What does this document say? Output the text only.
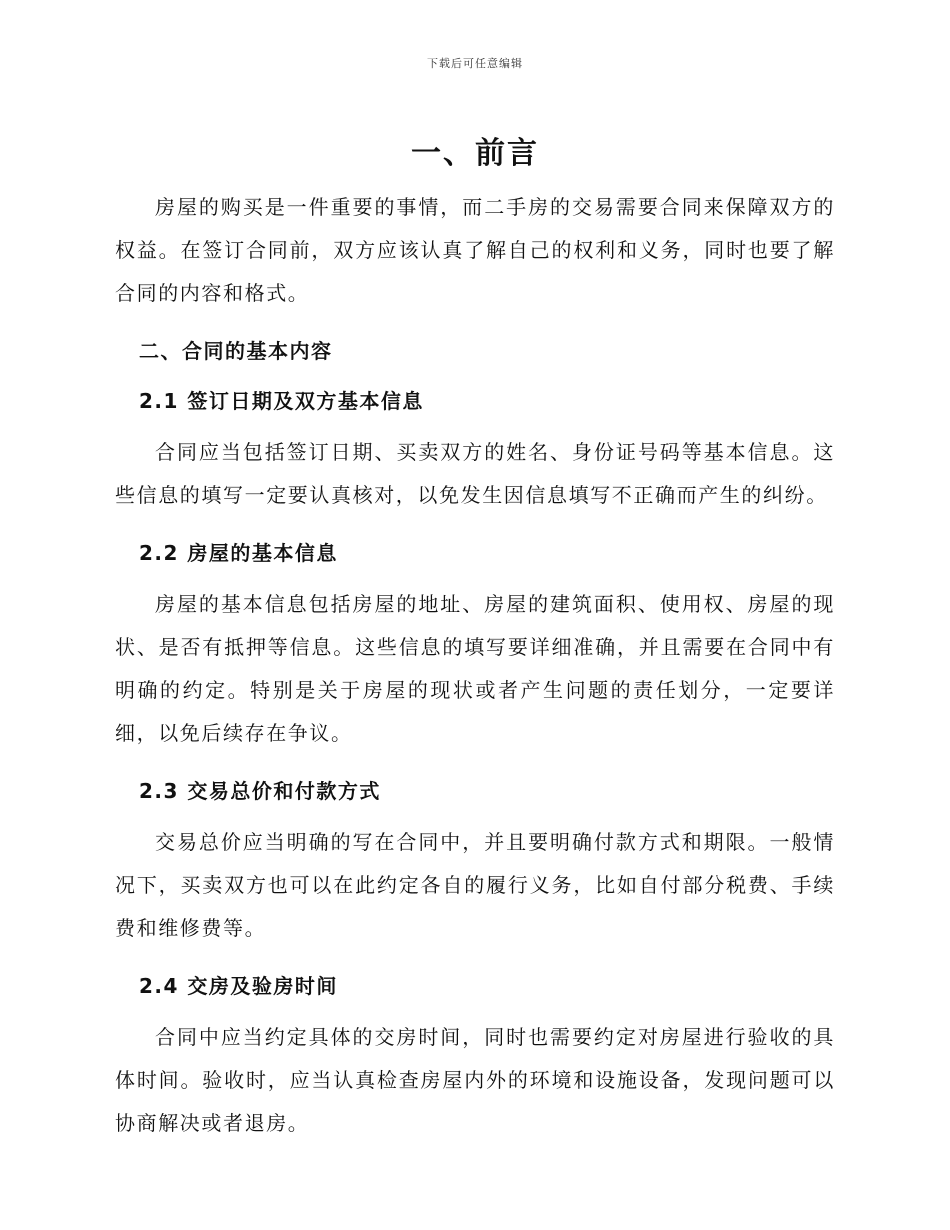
下载后可任意编辑
一、前言

房屋的购买是一件重要的事情，而二手房的交易需要合同来保障双方的权益。在签订合同前，双方应该认真了解自己的权利和义务，同时也要了解合同的内容和格式。

二、合同的基本内容
2.1 签订日期及双方基本信息

合同应当包括签订日期、买卖双方的姓名、身份证号码等基本信息。这些信息的填写一定要认真核对，以免发生因信息填写不正确而产生的纠纷。

2.2 房屋的基本信息

房屋的基本信息包括房屋的地址、房屋的建筑面积、使用权、房屋的现状、是否有抵押等信息。这些信息的填写要详细准确，并且需要在合同中有明确的约定。特别是关于房屋的现状或者产生问题的责任划分，一定要详细，以免后续存在争议。

2.3 交易总价和付款方式

交易总价应当明确的写在合同中，并且要明确付款方式和期限。一般情况下，买卖双方也可以在此约定各自的履行义务，比如自付部分税费、手续费和维修费等。

2.4 交房及验房时间

合同中应当约定具体的交房时间，同时也需要约定对房屋进行验收的具体时间。验收时，应当认真检查房屋内外的环境和设施设备，发现问题可以协商解决或者退房。
